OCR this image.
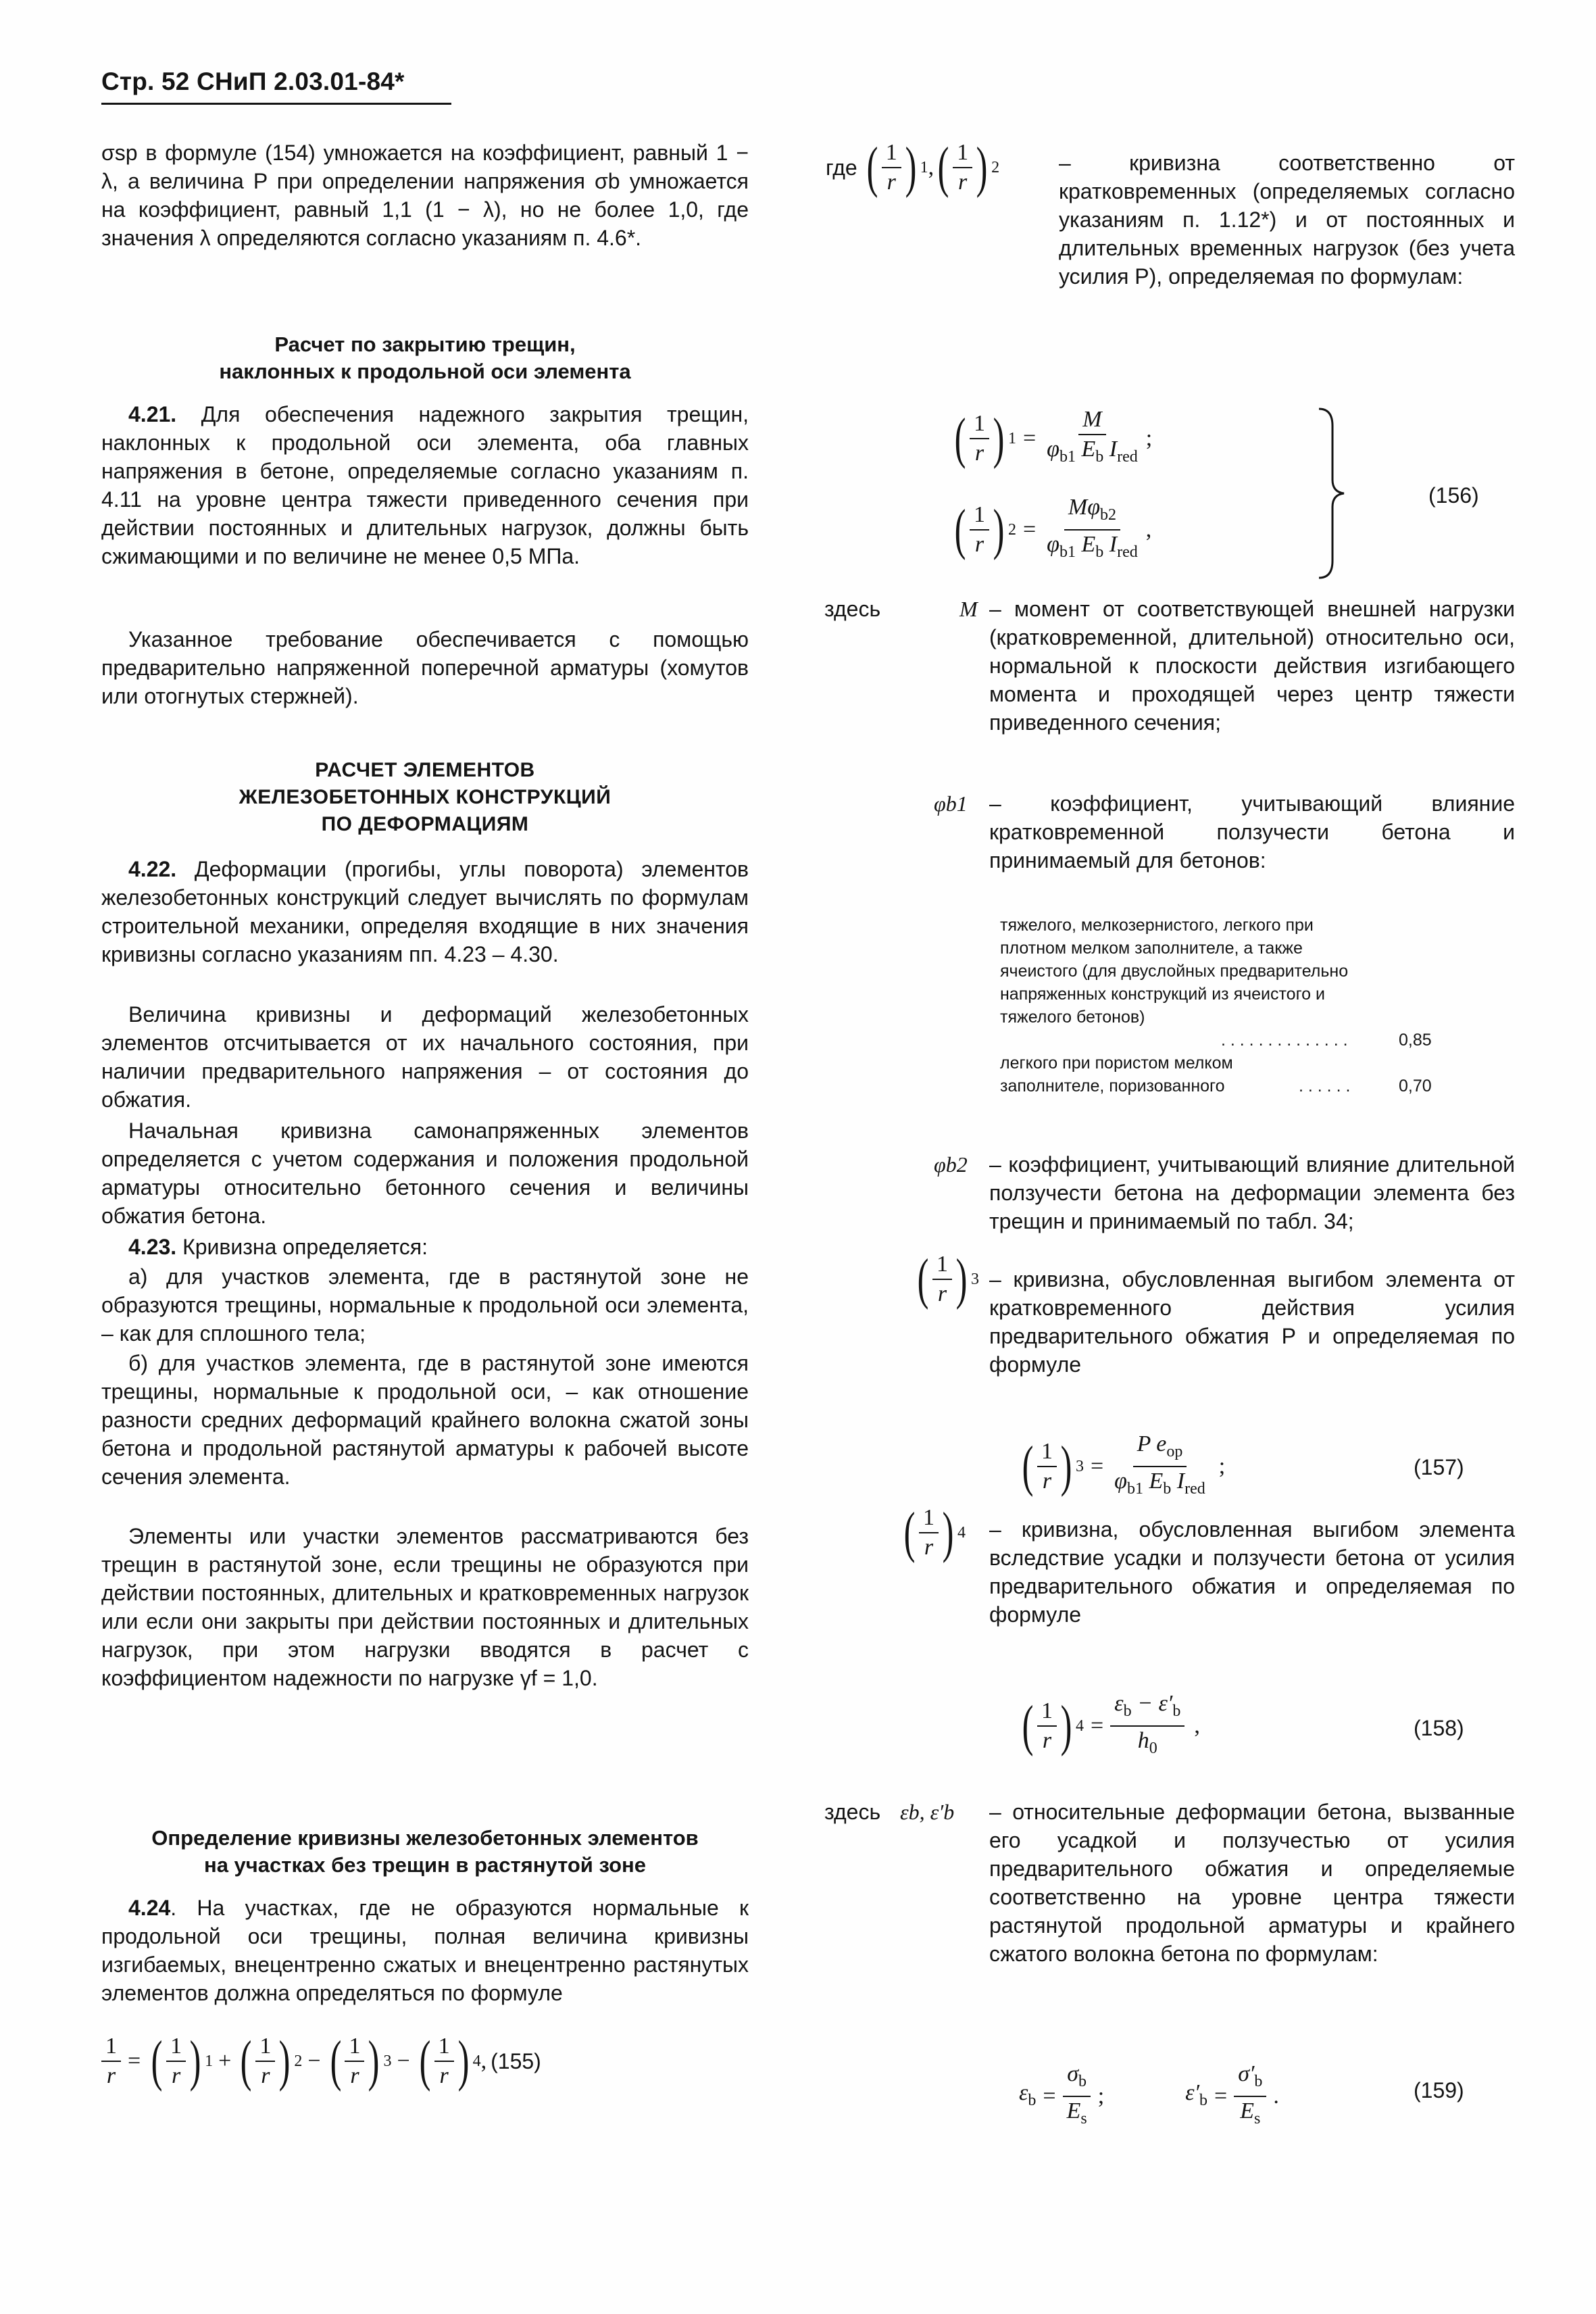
Стр. 52 СНиП 2.03.01-84*

σsp в формуле (154) умножается на коэффициент, равный 1 − λ, а величина P при определении напряжения σb умножается на коэффициент, равный 1,1 (1 − λ), но не более 1,0, где значения λ определяются согласно указаниям п. 4.6*.

Расчет по закрытию трещин,
наклонных к продольной оси элемента

4.21. Для обеспечения надежного закрытия трещин, наклонных к продольной оси элемента, оба главных напряжения в бетоне, определяемые согласно указаниям п. 4.11 на уровне центра тяжести приведенного сечения при действии постоянных и длительных нагрузок, должны быть сжимающими и по величине не менее 0,5 МПа.

Указанное требование обеспечивается с помощью предварительно напряженной поперечной арматуры (хомутов или отогнутых стержней).

РАСЧЕТ ЭЛЕМЕНТОВ
ЖЕЛЕЗОБЕТОННЫХ КОНСТРУКЦИЙ
ПО ДЕФОРМАЦИЯМ

4.22. Деформации (прогибы, углы поворота) элементов железобетонных конструкций следует вычислять по формулам строительной механики, определяя входящие в них значения кривизны согласно указаниям пп. 4.23 – 4.30.

Величина кривизны и деформаций железобетонных элементов отсчитывается от их начального состояния, при наличии предварительного напряжения – от состояния до обжатия.

Начальная кривизна самонапряженных элементов определяется с учетом содержания и положения продольной арматуры относительно бетонного сечения и величины обжатия бетона.

4.23. Кривизна определяется:

а) для участков элемента, где в растянутой зоне не образуются трещины, нормальные к продольной оси элемента, – как для сплошного тела;

б) для участков элемента, где в растянутой зоне имеются трещины, нормальные к продольной оси, – как отношение разности средних деформаций крайнего волокна сжатой зоны бетона и продольной растянутой арматуры к рабочей высоте сечения элемента.

Элементы или участки элементов рассматриваются без трещин в растянутой зоне, если трещины не образуются при действии постоянных, длительных и кратковременных нагрузок или если они закрыты при действии постоянных и длительных нагрузок, при этом нагрузки вводятся в расчет с коэффициентом надежности по нагрузке γf = 1,0.

Определение кривизны железобетонных элементов
на участках без трещин в растянутой зоне

4.24. На участках, где не образуются нормальные к продольной оси трещины, полная величина кривизны изгибаемых, внецентренно сжатых и внецентренно растянутых элементов должна определяться по формуле

$\frac{1}{r}$ = ( $\frac{1}{r}$ ) 1 + ( $\frac{1}{r}$ ) 2 − ( $\frac{1}{r}$ ) 3 − ( $\frac{1}{r}$ ) 4 , (155)
где ( $\frac{1}{r}$ ) 1 , ( $\frac{1}{r}$ ) 2	– кривизна соответственно от кратковременных (определяемых согласно указаниям п. 1.12*) и от постоянных и длительных временных нагрузок (без учета усилия P), определяемая по формулам:

( $\frac{1}{r}$ ) $1 = \frac{M}{\varphi_{b1} E_b I_{red}}$ ;
( $\frac{1}{r}$ ) $2 = \frac{M\varphi_{b2}}{\varphi_{b1} E_b I_{red}}$ ,
(156)
здесь	M – момент от соответствующей внешней нагрузки (кратковременной, длительной) относительно оси, нормальной к плоскости действия изгибающего момента и проходящей через центр тяжести приведенного сечения;

φb1 – коэффициент, учитывающий влияние кратковременной ползучести бетона и принимаемый для бетонов:

тяжелого, мелкозернистого, легкого при плотном мелком заполнителе, а также ячеистого (для двуслойных предварительно напряженных конструкций из ячеистого и тяжелого бетонов)
. . . . . . . . . . . . . .	0,85
легкого при пористом мелком заполнителе, поризованного	. . . . . .	0,70
φb2 – коэффициент, учитывающий влияние длительной ползучести бетона на деформации элемента без трещин и принимаемый по табл. 34;

( $\frac{1}{r}$ ) 3 – кривизна, обусловленная выгибом элемента от кратковременного действия усилия предварительного обжатия P и определяемая по формуле

( $\frac{1}{r}$ ) $3 = \frac{P e_{op}}{\varphi_{b1} E_b I_{red}}$ ;	(157)
( $\frac{1}{r}$ ) 4 – кривизна, обусловленная выгибом элемента вследствие усадки и ползучести бетона от усилия предварительного обжатия и определяемая по формуле

( $\frac{1}{r}$ ) $4 = \frac{\varepsilon_b - \varepsilon'_b}{h_0}$ ,	(158)
здесь εb, ε′b – относительные деформации бетона, вызванные его усадкой и ползучестью от усилия предварительного обжатия и определяемые соответственно на уровне центра тяжести растянутой продольной арматуры и крайнего сжатого волокна бетона по формулам:

$\varepsilon_b = \frac{\sigma_b}{E_s}$ ;	$\varepsilon'_b = \frac{\sigma'_b}{E_s}$ .	(159)
